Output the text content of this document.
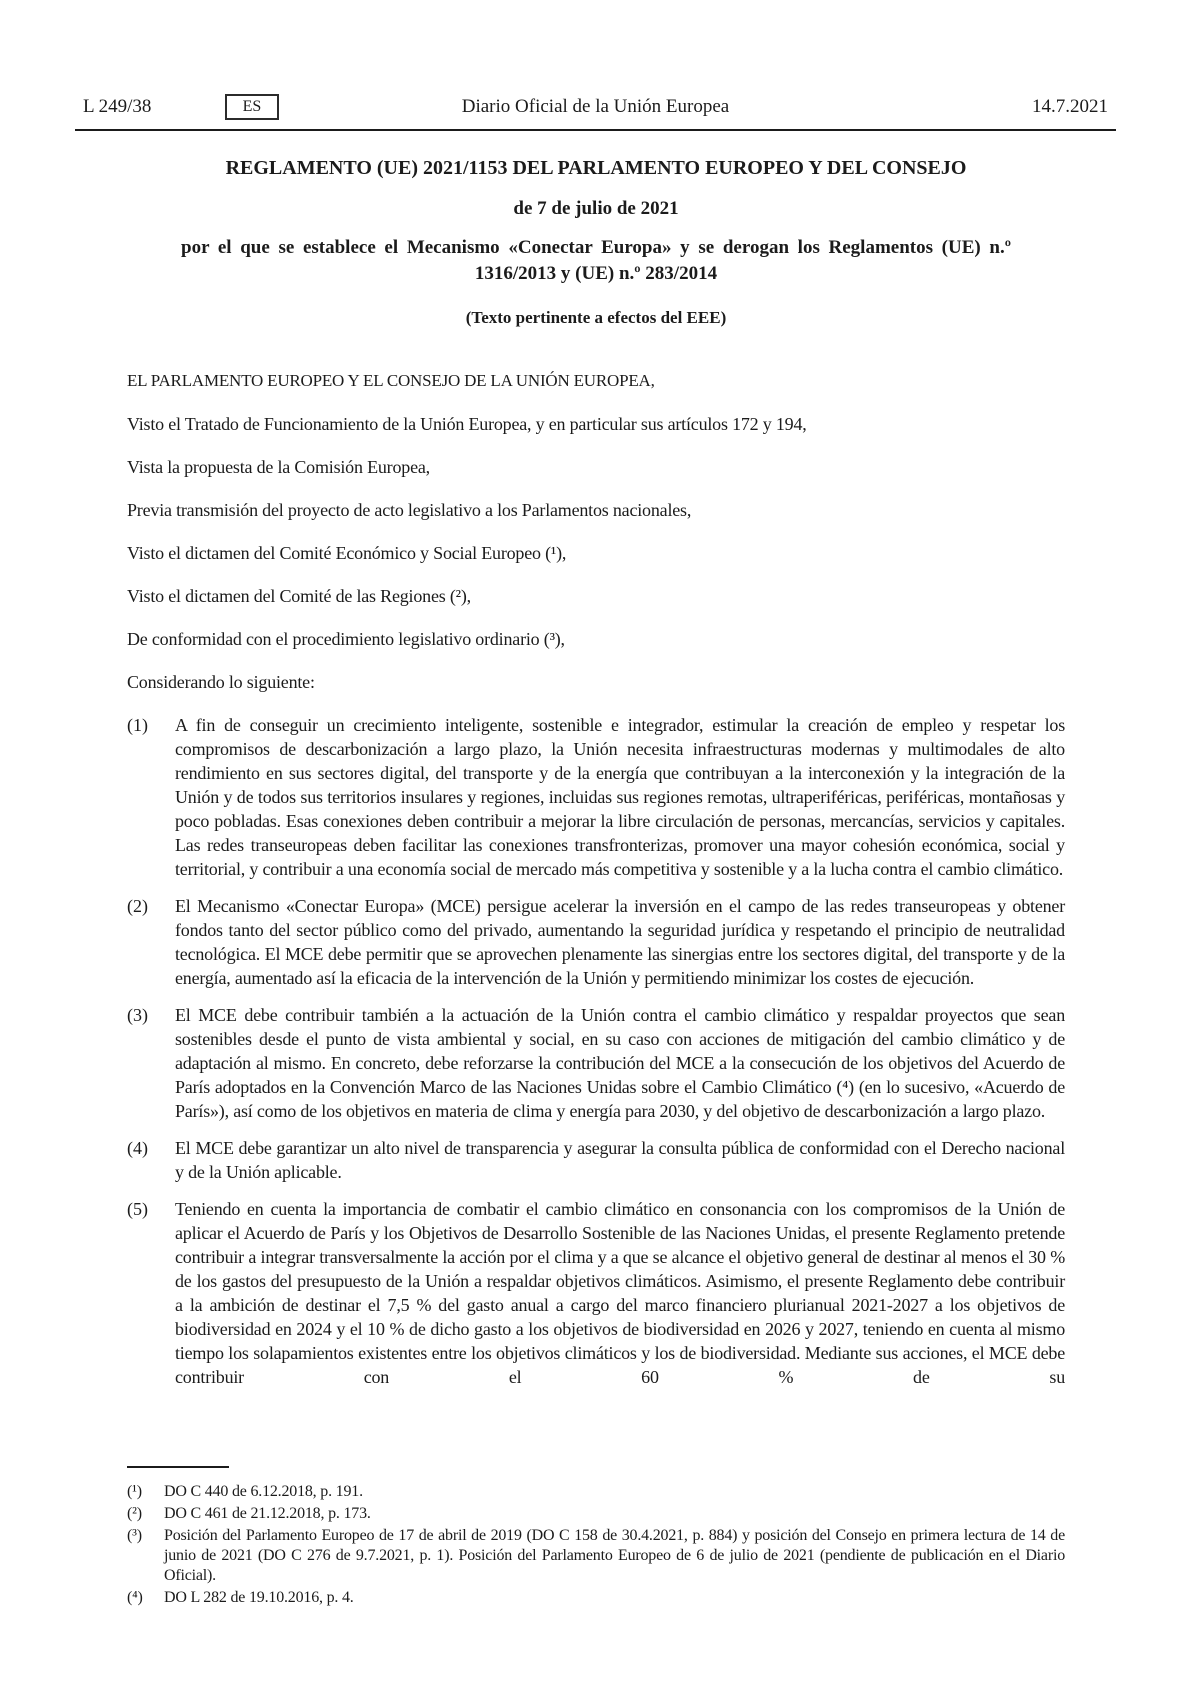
L 249/38	ES	Diario Oficial de la Unión Europea	14.7.2021

REGLAMENTO (UE) 2021/1153 DEL PARLAMENTO EUROPEO Y DEL CONSEJO

de 7 de julio de 2021

por el que se establece el Mecanismo «Conectar Europa» y se derogan los Reglamentos (UE) n.º 1316/2013 y (UE) n.º 283/2014

(Texto pertinente a efectos del EEE)

EL PARLAMENTO EUROPEO Y EL CONSEJO DE LA UNIÓN EUROPEA,

Visto el Tratado de Funcionamiento de la Unión Europea, y en particular sus artículos 172 y 194,

Vista la propuesta de la Comisión Europea,

Previa transmisión del proyecto de acto legislativo a los Parlamentos nacionales,

Visto el dictamen del Comité Económico y Social Europeo (¹),

Visto el dictamen del Comité de las Regiones (²),

De conformidad con el procedimiento legislativo ordinario (³),

Considerando lo siguiente:

(1) A fin de conseguir un crecimiento inteligente, sostenible e integrador, estimular la creación de empleo y respetar los compromisos de descarbonización a largo plazo, la Unión necesita infraestructuras modernas y multimodales de alto rendimiento en sus sectores digital, del transporte y de la energía que contribuyan a la interconexión y la integración de la Unión y de todos sus territorios insulares y regiones, incluidas sus regiones remotas, ultraperiféricas, periféricas, montañosas y poco pobladas. Esas conexiones deben contribuir a mejorar la libre circulación de personas, mercancías, servicios y capitales. Las redes transeuropeas deben facilitar las conexiones transfronterizas, promover una mayor cohesión económica, social y territorial, y contribuir a una economía social de mercado más competitiva y sostenible y a la lucha contra el cambio climático.

(2) El Mecanismo «Conectar Europa» (MCE) persigue acelerar la inversión en el campo de las redes transeuropeas y obtener fondos tanto del sector público como del privado, aumentando la seguridad jurídica y respetando el principio de neutralidad tecnológica. El MCE debe permitir que se aprovechen plenamente las sinergias entre los sectores digital, del transporte y de la energía, aumentado así la eficacia de la intervención de la Unión y permitiendo minimizar los costes de ejecución.

(3) El MCE debe contribuir también a la actuación de la Unión contra el cambio climático y respaldar proyectos que sean sostenibles desde el punto de vista ambiental y social, en su caso con acciones de mitigación del cambio climático y de adaptación al mismo. En concreto, debe reforzarse la contribución del MCE a la consecución de los objetivos del Acuerdo de París adoptados en la Convención Marco de las Naciones Unidas sobre el Cambio Climático (⁴) (en lo sucesivo, «Acuerdo de París»), así como de los objetivos en materia de clima y energía para 2030, y del objetivo de descarbonización a largo plazo.

(4) El MCE debe garantizar un alto nivel de transparencia y asegurar la consulta pública de conformidad con el Derecho nacional y de la Unión aplicable.

(5) Teniendo en cuenta la importancia de combatir el cambio climático en consonancia con los compromisos de la Unión de aplicar el Acuerdo de París y los Objetivos de Desarrollo Sostenible de las Naciones Unidas, el presente Reglamento pretende contribuir a integrar transversalmente la acción por el clima y a que se alcance el objetivo general de destinar al menos el 30 % de los gastos del presupuesto de la Unión a respaldar objetivos climáticos. Asimismo, el presente Reglamento debe contribuir a la ambición de destinar el 7,5 % del gasto anual a cargo del marco financiero plurianual 2021-2027 a los objetivos de biodiversidad en 2024 y el 10 % de dicho gasto a los objetivos de biodiversidad en 2026 y 2027, teniendo en cuenta al mismo tiempo los solapamientos existentes entre los objetivos climáticos y los de biodiversidad. Mediante sus acciones, el MCE debe contribuir con el 60 % de su

(¹) DO C 440 de 6.12.2018, p. 191.
(²) DO C 461 de 21.12.2018, p. 173.
(³) Posición del Parlamento Europeo de 17 de abril de 2019 (DO C 158 de 30.4.2021, p. 884) y posición del Consejo en primera lectura de 14 de junio de 2021 (DO C 276 de 9.7.2021, p. 1). Posición del Parlamento Europeo de 6 de julio de 2021 (pendiente de publicación en el Diario Oficial).
(⁴) DO L 282 de 19.10.2016, p. 4.
